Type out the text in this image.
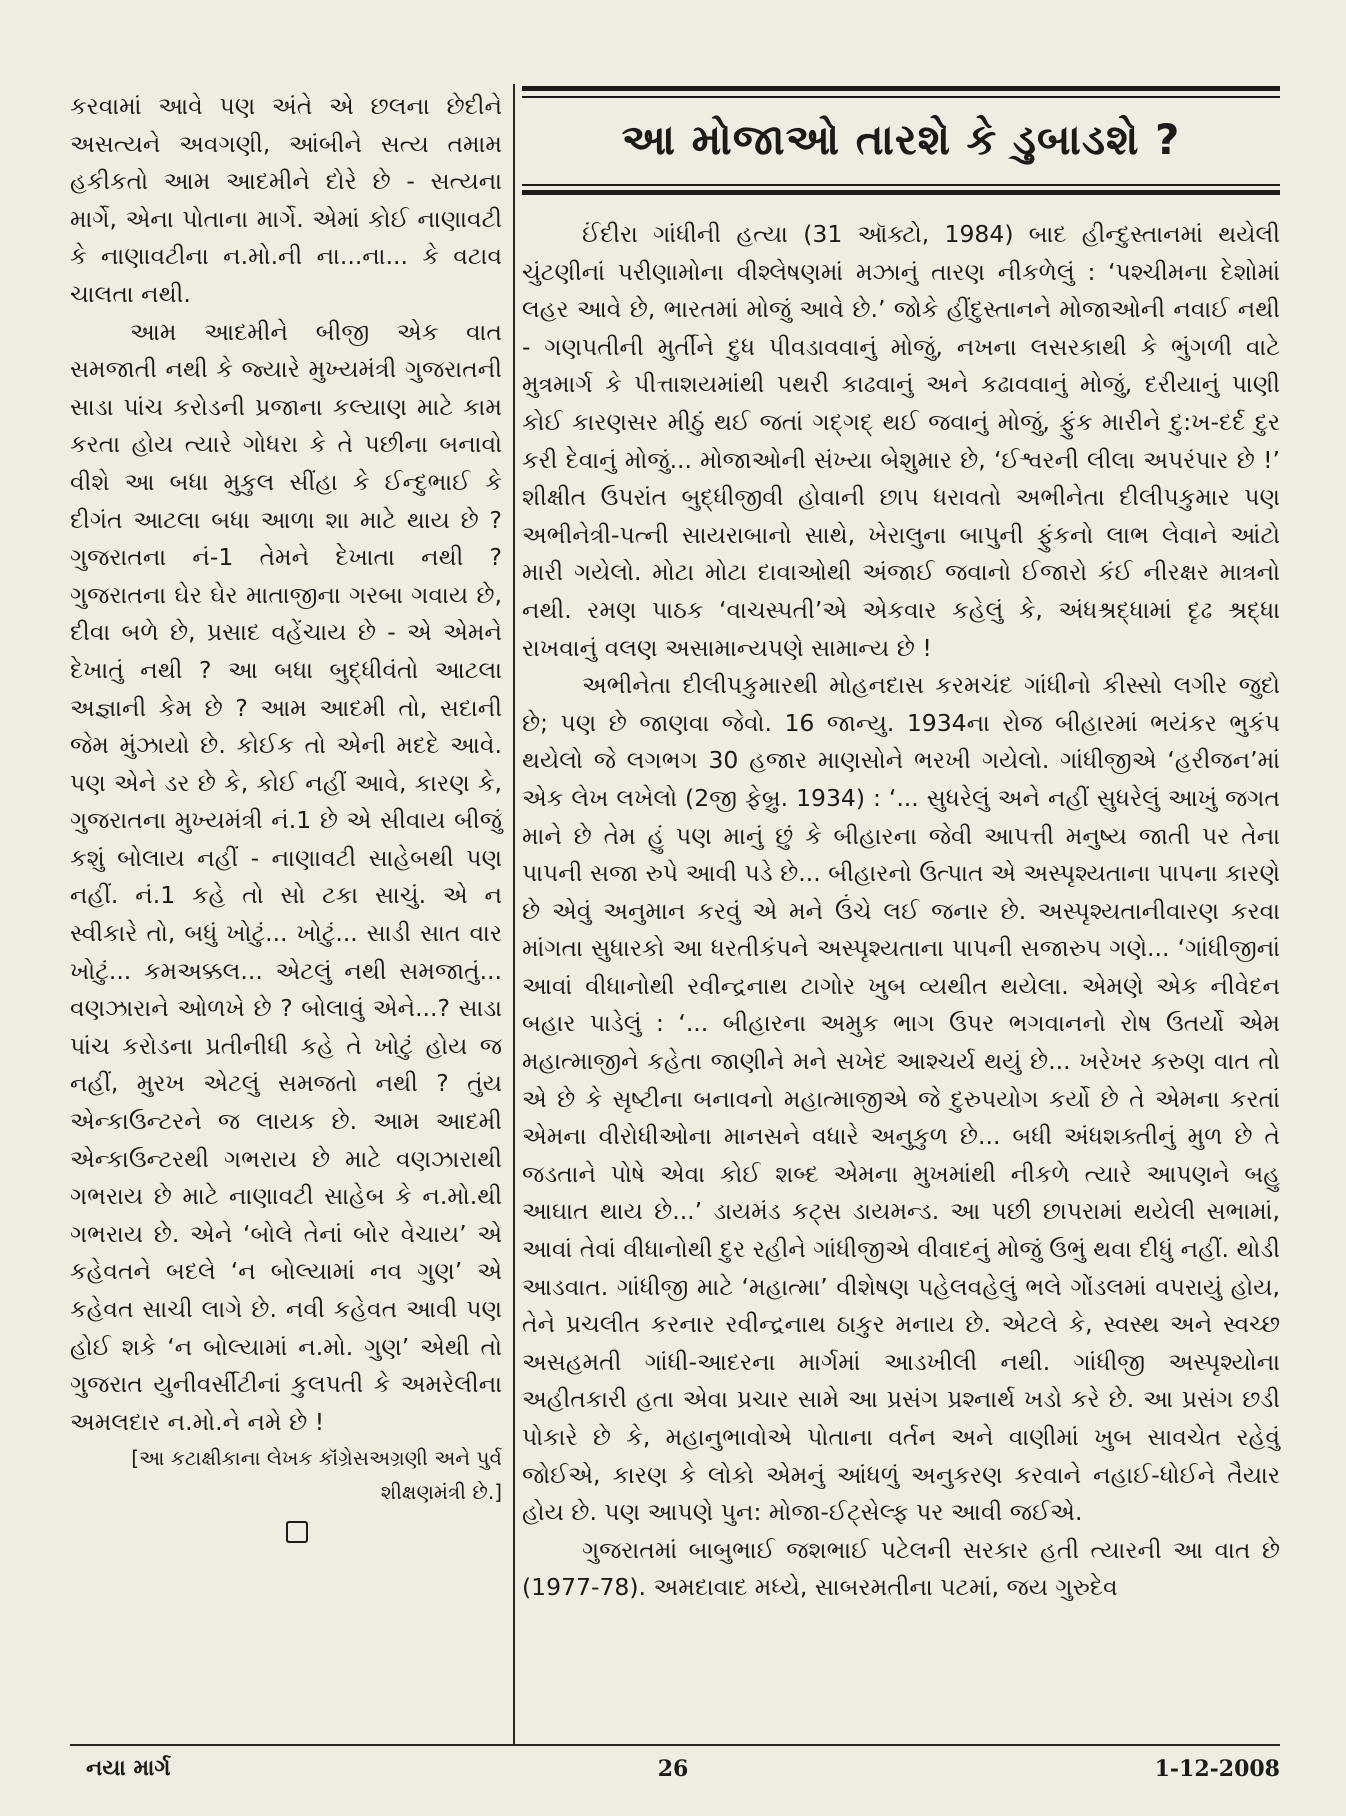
કરવામાં આવે પણ અંતે એ છલના છેદીને અસત્યને અવગણી, આંબીને સત્ય તમામ હકીકતો આમ આદમીને દોરે છે - સત્યના માર્ગે, એના પોતાના માર્ગે. એમાં કોઈ નાણાવટી કે નાણાવટીના ન.મો.ની ના...ના... કે વટાવ ચાલતા નથી.

આમ આદમીને બીજી એક વાત સમજાતી નથી કે જ્યારે મુખ્યમંત્રી ગુજરાતની સાડા પાંચ કરોડની પ્રજાના કલ્યાણ માટે કામ કરતા હોય ત્યારે ગોધરા કે તે પછીના બનાવો વીશે આ બધા મુકુલ સીંહા કે ઈન્દુભાઈ કે દીગંત આટલા બધા આળા શા માટે થાય છે ? ગુજરાતના નં-1 તેમને દેખાતા નથી ? ગુજરાતના ઘેર ઘેર માતાજીના ગરબા ગવાય છે, દીવા બળે છે, પ્રસાદ વહેંચાય છે - એ એમને દેખાતું નથી ? આ બધા બુદ્ધીવંતો આટલા અજ્ઞાની કેમ છે ? આમ આદમી તો, સદાની જેમ મુંઝાયો છે. કોઈક તો એની મદદે આવે. પણ એને ડર છે કે, કોઈ નહીં આવે, કારણ કે, ગુજરાતના મુખ્યમંત્રી નં.1 છે એ સીવાય બીજું કશું બોલાય નહીં - નાણાવટી સાહેબથી પણ નહીં. નં.1 કહે તો સો ટકા સાચું. એ ન સ્વીકારે તો, બધું ખોટું... ખોટું... સાડી સાત વાર ખોટું... કમઅક્કલ... એટલું નથી સમજાતું... વણઝારાને ઓળખે છે ? બોલાવું એને...? સાડા પાંચ કરોડના પ્રતીનીધી કહે તે ખોટું હોય જ નહીં, મુરખ એટલું સમજતો નથી ? તુંય એન્કાઉન્ટરને જ લાયક છે. આમ આદમી એન્કાઉન્ટરથી ગભરાય છે માટે વણઝારાથી ગભરાય છે માટે નાણાવટી સાહેબ કે ન.મો.થી ગભરાય છે. એને ‘બોલે તેનાં બોર વેચાય’ એ કહેવતને બદલે ‘ન બોલ્યામાં નવ ગુણ’ એ કહેવત સાચી લાગે છે. નવી કહેવત આવી પણ હોઈ શકે ‘ન બોલ્યામાં ન.મો. ગુણ’ એથી તો ગુજરાત યુનીવર્સીટીનાં કુલપતી કે અમરેલીના અમલદાર ન.મો.ને નમે છે !

[આ કટાક્ષીકાના લેખક કૉંગ્રેસઅગ્રણી અને પુર્વ શીક્ષણમંત્રી છે.]

આ મોજાઓ તારશે કે ડુબાડશે ?

ઈંદીરા ગાંધીની હત્યા (31 ઑક્ટો, 1984) બાદ હીન્દુસ્તાનમાં થયેલી ચુંટણીનાં પરીણામોના વીશ્લેષણમાં મઝાનું તારણ નીકળેલું : ‘પશ્ચીમના દેશોમાં લહર આવે છે, ભારતમાં મોજું આવે છે.’ જોકે હીંદુસ્તાનને મોજાઓની નવાઈ નથી - ગણપતીની મુર્તીને દુધ પીવડાવવાનું મોજું, નખના લસરકાથી કે ભુંગળી વાટે મુત્રમાર્ગ કે પીત્તાશયમાંથી પથરી કાઢવાનું અને કઢાવવાનું મોજું, દરીયાનું પાણી કોઈ કારણસર મીઠું થઈ જતાં ગદ્‌ગદ્ થઈ જવાનું મોજું, ફુંક મારીને દુ:ખ-દર્દ દુર કરી દેવાનું મોજું... મોજાઓની સંખ્યા બેશુમાર છે, ‘ઈશ્વરની લીલા અપરંપાર છે !’ શીક્ષીત ઉપરાંત બુદ્ધીજીવી હોવાની છાપ ધરાવતો અભીનેતા દીલીપકુમાર પણ અભીનેત્રી-પત્ની સાયરાબાનો સાથે, ખેરાલુના બાપુની ફુંકનો લાભ લેવાને આંટો મારી ગયેલો. મોટા મોટા દાવાઓથી અંજાઈ જવાનો ઈજારો કંઈ નીરક્ષર માત્રનો નથી. રમણ પાઠક ‘વાચસ્પતી’એ એકવાર કહેલું કે, અંધશ્રદ્ધામાં દૃઢ શ્રદ્ધા રાખવાનું વલણ અસામાન્યપણે સામાન્ય છે !

અભીનેતા દીલીપકુમારથી મોહનદાસ કરમચંદ ગાંધીનો કીસ્સો લગીર જુદો છે; પણ છે જાણવા જેવો. 16 જાન્યુ. 1934ના રોજ બીહારમાં ભયંકર ભુકંપ થયેલો જે લગભગ 30 હજાર માણસોને ભરખી ગયેલો. ગાંધીજીએ ‘હરીજન’માં એક લેખ લખેલો (2જી ફેબ્રુ. 1934) : ‘... સુધરેલું અને નહીં સુધરેલું આખું જગત માને છે તેમ હું પણ માનું છું કે બીહારના જેવી આપત્તી મનુષ્ય જાતી પર તેના પાપની સજા રુપે આવી પડે છે... બીહારનો ઉત્પાત એ અસ્પૃશ્યતાના પાપના કારણે છે એવું અનુમાન કરવું એ મને ઉંચે લઈ જનાર છે. અસ્પૃશ્યતાનીવારણ કરવા માંગતા સુધારકો આ ધરતીકંપને અસ્પૃશ્યતાના પાપની સજારુપ ગણે... ‘ગાંધીજીનાં આવાં વીધાનોથી રવીન્દ્રનાથ ટાગોર ખુબ વ્યથીત થયેલા. એમણે એક નીવેદન બહાર પાડેલું : ‘... બીહારના અમુક ભાગ ઉપર ભગવાનનો રોષ ઉતર્યો એમ મહાત્માજીને કહેતા જાણીને મને સખેદ આશ્ચર્ય થયું છે... ખરેખર કરુણ વાત તો એ છે કે સૃષ્ટીના બનાવનો મહાત્માજીએ જે દુરુપયોગ કર્યો છે તે એમના કરતાં એમના વીરોધીઓના માનસને વધારે અનુકુળ છે... બધી અંધશક્તીનું મુળ છે તે જડતાને પોષે એવા કોઈ શબ્દ એમના મુખમાંથી નીકળે ત્યારે આપણને બહુ આઘાત થાય છે...’ ડાયમંડ કટ્સ ડાયમન્ડ. આ પછી છાપરામાં થયેલી સભામાં, આવાં તેવાં વીધાનોથી દુર રહીને ગાંધીજીએ વીવાદનું મોજું ઉભું થવા દીધું નહીં. થોડી આડવાત. ગાંધીજી માટે ‘મહાત્મા’ વીશેષણ પહેલવહેલું ભલે ગોંડલમાં વપરાયું હોય, તેને પ્રચલીત કરનાર રવીન્દ્રનાથ ઠાકુર મનાય છે. એટલે કે, સ્વસ્થ અને સ્વચ્છ અસહમતી ગાંધી-આદરના માર્ગમાં આડખીલી નથી. ગાંધીજી અસ્પૃશ્યોના અહીતકારી હતા એવા પ્રચાર સામે આ પ્રસંગ પ્રશ્નાર્થ ખડો કરે છે. આ પ્રસંગ છડી પોકારે છે કે, મહાનુભાવોએ પોતાના વર્તન અને વાણીમાં ખુબ સાવચેત રહેવું જોઈએ, કારણ કે લોકો એમનું આંધળું અનુકરણ કરવાને નહાઈ-ધોઈને તૈયાર હોય છે. પણ આપણે પુન: મોજા-ઈટ્સેલ્ફ પર આવી જઈએ.

ગુજરાતમાં બાબુભાઈ જશભાઈ પટેલની સરકાર હતી ત્યારની આ વાત છે (1977-78). અમદાવાદ મધ્યે, સાબરમતીના પટમાં, જય ગુરુદેવ

નયા માર્ગ	26	1-12-2008
